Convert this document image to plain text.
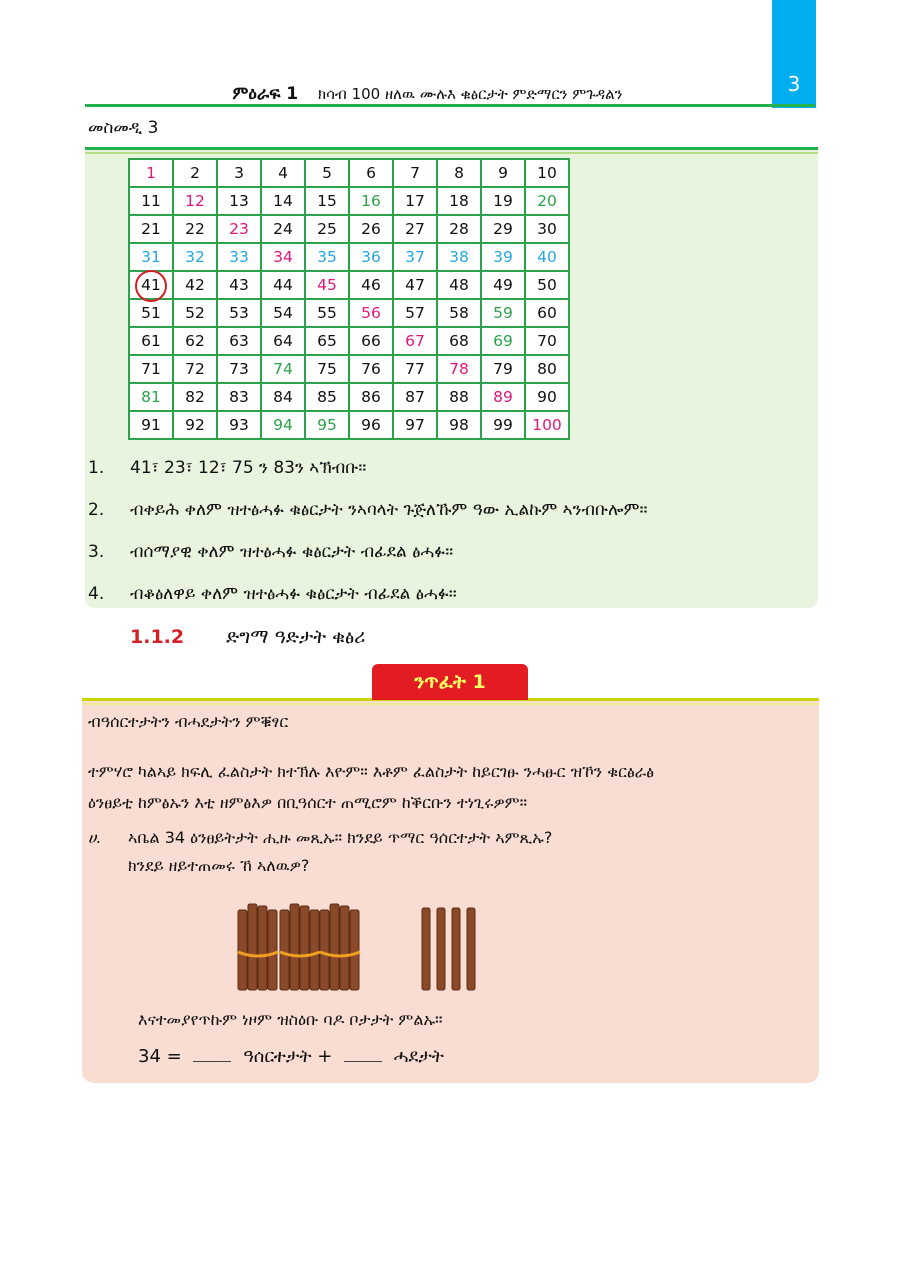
3
ምዕራፍ 1 ክሳብ 100 ዘለዉ ሙሉእ ቁፅርታት ምድማርን ምጉዳልን
መስመዲ 3
1	2	3	4	5	6	7	8	9	10
11	12	13	14	15	16	17	18	19	20
21	22	23	24	25	26	27	28	29	30
31	32	33	34	35	36	37	38	39	40
41	42	43	44	45	46	47	48	49	50
51	52	53	54	55	56	57	58	59	60
61	62	63	64	65	66	67	68	69	70
71	72	73	74	75	76	77	78	79	80
81	82	83	84	85	86	87	88	89	90
91	92	93	94	95	96	97	98	99	100
1. 41፣ 23፣ 12፣ 75 ን 83ን ኣኽብቡ።
2. ብቀይሕ ቀለም ዝተፅሓፉ ቁፅርታት ንኣባላት ጉጅለኹም ዓው ኢልኩም ኣንብቡሎም።
3. ብሰማያዊ ቀለም ዝተፅሓፉ ቁፅርታት ብፊደል ፅሓፉ።
4. ብቆፅለዋይ ቀለም ዝተፅሓፉ ቁፅርታት ብፊደል ፅሓፉ።
1.1.2 ድግማ ዓድታት ቁፅሪ
ንጥፈት 1
ብዓሰርተታትን ብሓደታትን ምቑፃር
ተምሃሮ ካልኣይ ክፍሊ ፈልስታት ክተኽሉ እዮም። እቶም ፈልስታት ከይርገፁ ንሓፁር ዝኾን ቁርፅራፅ
ዕንፀይቲ ከምፅኡን እቲ ዘምፅእዎ በቢዓሰርተ ጠሚሮም ከቕርቡን ተነጊሩዎም።
ሀ. ኣቤል 34 ዕንፀይትታት ሒዙ መጺኡ። ክንደይ ጥማር ዓሰርተታት ኣምጺኡ?
ክንደይ ዘይተጠመሩ ኸ ኣለዉዎ?
እናተመያየጥኩም ነዞም ዝስዕቡ ባዶ ቦታታት ምልኡ።
34 =	ዓሰርተታት +	ሓደታት
